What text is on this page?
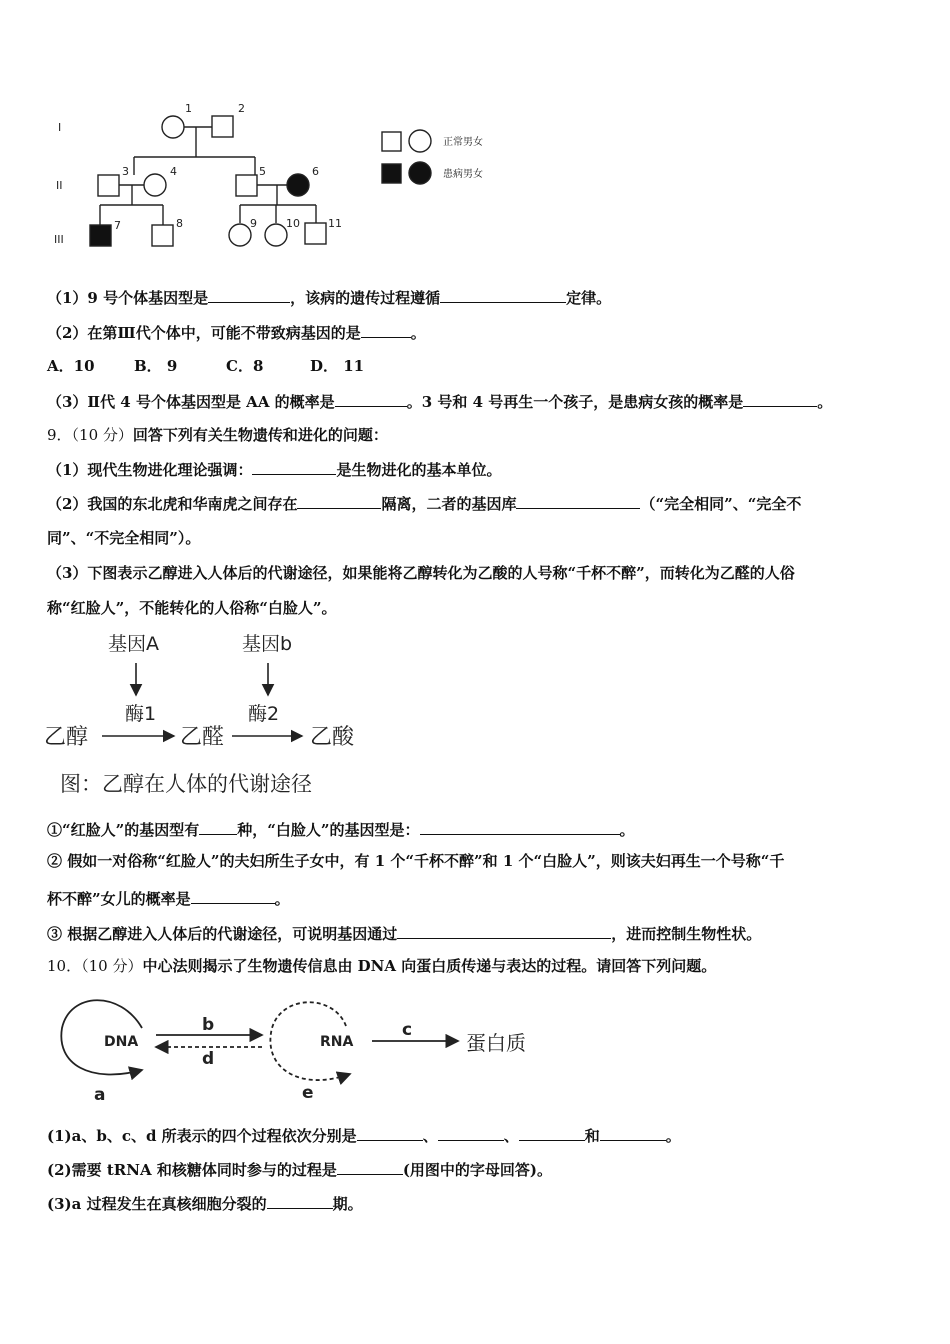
I
II
III
1	2
3	4	5	6
7	8	9	10	11
正常男女
患病男女
（1）9 号个体基因型是	，该病的遗传过程遵循	定律。
（2）在第Ⅲ代个体中，可能不带致病基因的是	。
A．10	B． 9	C．8	D． 11
（3）Ⅱ代 4 号个体基因型是 AA 的概率是	。3 号和 4 号再生一个孩子，是患病女孩的概率是	。
9．（10 分）回答下列有关生物遗传和进化的问题：
（1）现代生物进化理论强调：	是生物进化的基本单位。
（2）我国的东北虎和华南虎之间存在	隔离，二者的基因库	（“完全相同”、“完全不
同”、“不完全相同”）。
（3）下图表示乙醇进入人体后的代谢途径，如果能将乙醇转化为乙酸的人号称“千杯不醉”，而转化为乙醛的人俗
称“红脸人”，不能转化的人俗称“白脸人”。
基因A	基因b
酶1	酶2
乙醇	乙醛	乙酸
图：乙醇在人体的代谢途径
①“红脸人”的基因型有	种，“白脸人”的基因型是：	。
② 假如一对俗称“红脸人”的夫妇所生子女中，有 1 个“千杯不醉”和 1 个“白脸人”，则该夫妇再生一个号称“千
杯不醉”女儿的概率是	。
③ 根据乙醇进入人体后的代谢途径，可说明基因通过	，进而控制生物性状。
10．（10 分）中心法则揭示了生物遗传信息由 DNA 向蛋白质传递与表达的过程。请回答下列问题。
DNA	RNA	蛋白质
a
b	c
d
e
(1)a、b、c、d 所表示的四个过程依次分别是	、	、	和	。
(2)需要 tRNA 和核糖体同时参与的过程是	(用图中的字母回答)。
(3)a 过程发生在真核细胞分裂的	期。
